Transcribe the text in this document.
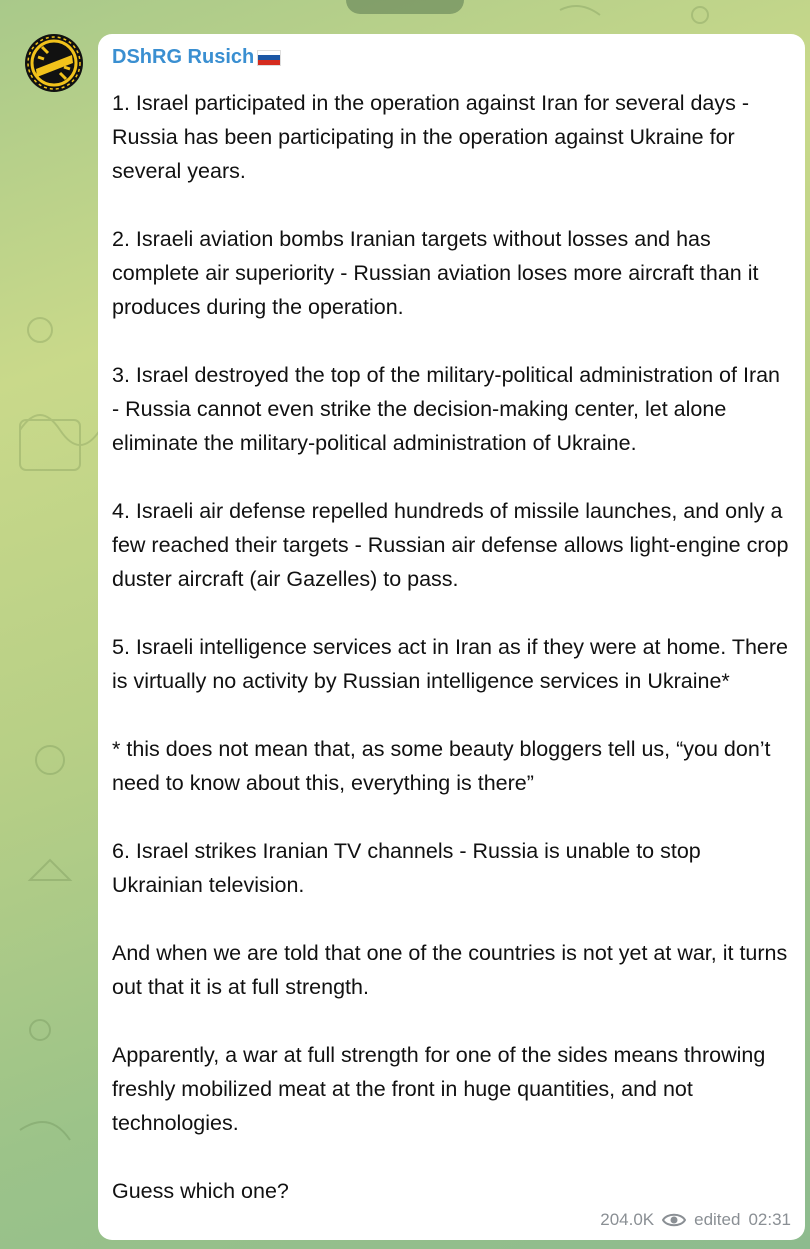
DShRG Rusich

1. Israel participated in the operation against Iran for several days - Russia has been participating in the operation against Ukraine for several years.

2. Israeli aviation bombs Iranian targets without losses and has complete air superiority - Russian aviation loses more aircraft than it produces during the operation.

3. Israel destroyed the top of the military-political administration of Iran - Russia cannot even strike the decision-making center, let alone eliminate the military-political administration of Ukraine.

4. Israeli air defense repelled hundreds of missile launches, and only a few reached their targets - Russian air defense allows light-engine crop duster aircraft (air Gazelles) to pass.

5. Israeli intelligence services act in Iran as if they were at home. There is virtually no activity by Russian intelligence services in Ukraine*

* this does not mean that, as some beauty bloggers tell us, “you don’t need to know about this, everything is there”

6. Israel strikes Iranian TV channels - Russia is unable to stop Ukrainian television.

And when we are told that one of the countries is not yet at war, it turns out that it is at full strength.

Apparently, a war at full strength for one of the sides means throwing freshly mobilized meat at the front in huge quantities, and not technologies.

Guess which one?

204.0K edited 02:31
